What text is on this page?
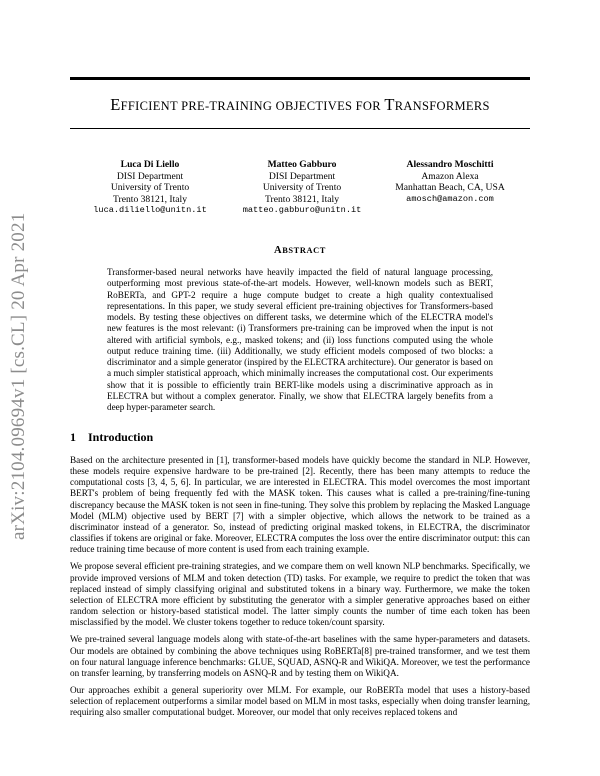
arXiv:2104.09694v1 [cs.CL] 20 Apr 2021
EFFICIENT PRE-TRAINING OBJECTIVES FOR TRANSFORMERS
Luca Di Liello
DISI Department
University of Trento
Trento 38121, Italy
luca.diliello@unitn.it
Matteo Gabburo
DISI Department
University of Trento
Trento 38121, Italy
matteo.gabburo@unitn.it
Alessandro Moschitti
Amazon Alexa
Manhattan Beach, CA, USA
amosch@amazon.com
ABSTRACT
Transformer-based neural networks have heavily impacted the field of natural language processing, outperforming most previous state-of-the-art models. However, well-known models such as BERT, RoBERTa, and GPT-2 require a huge compute budget to create a high quality contextualised representations. In this paper, we study several efficient pre-training objectives for Transformers-based models. By testing these objectives on different tasks, we determine which of the ELECTRA model's new features is the most relevant: (i) Transformers pre-training can be improved when the input is not altered with artificial symbols, e.g., masked tokens; and (ii) loss functions computed using the whole output reduce training time. (iii) Additionally, we study efficient models composed of two blocks: a discriminator and a simple generator (inspired by the ELECTRA architecture). Our generator is based on a much simpler statistical approach, which minimally increases the computational cost. Our experiments show that it is possible to efficiently train BERT-like models using a discriminative approach as in ELECTRA but without a complex generator. Finally, we show that ELECTRA largely benefits from a deep hyper-parameter search.
1 Introduction

Based on the architecture presented in [1], transformer-based models have quickly become the standard in NLP. However, these models require expensive hardware to be pre-trained [2]. Recently, there has been many attempts to reduce the computational costs [3, 4, 5, 6]. In particular, we are interested in ELECTRA. This model overcomes the most important BERT's problem of being frequently fed with the MASK token. This causes what is called a pre-training/fine-tuning discrepancy because the MASK token is not seen in fine-tuning. They solve this problem by replacing the Masked Language Model (MLM) objective used by BERT [7] with a simpler objective, which allows the network to be trained as a discriminator instead of a generator. So, instead of predicting original masked tokens, in ELECTRA, the discriminator classifies if tokens are original or fake. Moreover, ELECTRA computes the loss over the entire discriminator output: this can reduce training time because of more content is used from each training example.

We propose several efficient pre-training strategies, and we compare them on well known NLP benchmarks. Specifically, we provide improved versions of MLM and token detection (TD) tasks. For example, we require to predict the token that was replaced instead of simply classifying original and substituted tokens in a binary way. Furthermore, we make the token selection of ELECTRA more efficient by substituting the generator with a simpler generative approaches based on either random selection or history-based statistical model. The latter simply counts the number of time each token has been misclassified by the model. We cluster tokens together to reduce token/count sparsity.

We pre-trained several language models along with state-of-the-art baselines with the same hyper-parameters and datasets. Our models are obtained by combining the above techniques using RoBERTa[8] pre-trained transformer, and we test them on four natural language inference benchmarks: GLUE, SQUAD, ASNQ-R and WikiQA. Moreover, we test the performance on transfer learning, by transferring models on ASNQ-R and by testing them on WikiQA.

Our approaches exhibit a general superiority over MLM. For example, our RoBERTa model that uses a history-based selection of replacement outperforms a similar model based on MLM in most tasks, especially when doing transfer learning, requiring also smaller computational budget. Moreover, our model that only receives replaced tokens and
